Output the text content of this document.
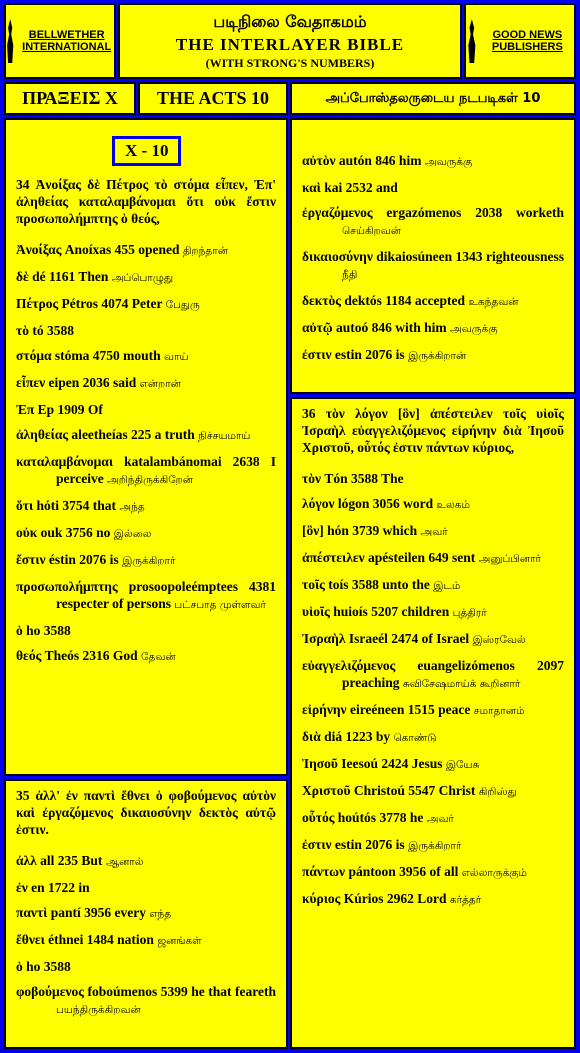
BELLWETHER INTERNATIONAL
படிநிலை வேதாகமம்
THE INTERLAYER BIBLE
(WITH STRONG'S NUMBERS)
GOOD NEWS PUBLISHERS
ΠΡΑΞΕΙΣ X THE ACTS 10	அப்போஸ்தலருடைய நடபடிகள் 10
X - 10
34 Ἀνοίξας δὲ Πέτρος τὸ στόμα εἶπεν, Ἐπ' ἀληθείας καταλαμβάνομαι ὅτι οὐκ ἔστιν προσωπολήμπτης ὁ θεός,
Ἀνοίξας Anoíxas 455 opened திறந்தான்
δὲ dé 1161 Then அப்பொழுது
Πέτρος Pétros 4074 Peter பேதுரு
τὸ tó 3588
στόμα stóma 4750 mouth வாய்
εἶπεν eipen 2036 said என்றான்
Ἐπ Ep 1909 Of
ἀληθείας aleetheías 225 a truth நிச்சயமாய்
καταλαμβάνομαι katalambánomai 2638 I perceive அறிந்திருக்கிறேன்
ὅτι hóti 3754 that அந்த
οὐκ ouk 3756 no இல்லை
ἔστιν éstin 2076 is இருக்கிறார்
προσωπολήμπτης prosoopoleémptees 4381 respecter of persons பட்சபாத முள்ளவர்
ὁ ho 3588
θεός Theós 2316 God தேவன்
35 ἀλλ' ἐν παντὶ ἔθνει ὁ φοβούμενος αὐτὸν καὶ ἐργαζόμενος δικαιοσύνην δεκτὸς αὐτῷ ἐστιν.
ἀλλ all 235 But ஆனால்
ἐν en 1722 in
παντὶ pantí 3956 every எந்த
ἔθνει éthnei 1484 nation ஜனங்கள்
ὁ ho 3588
φοβούμενος foboúmenos 5399 he that feareth பயந்திருக்கிறவன்
αὐτὸν autón 846 him அவருக்கு
καὶ kai 2532 and
ἐργαζόμενος ergazómenos 2038 worketh செய்கிறவன்
δικαιοσύνην dikaiosúneen 1343 righteousness நீதி
δεκτὸς dektós 1184 accepted உகந்தவன்
αὐτῷ autoó 846 with him அவருக்கு
ἐστιν estin 2076 is இருக்கிறான்
36 τὸν λόγον [ὃν] ἀπέστειλεν τοῖς υἱοῖς Ἰσραὴλ εὐαγγελιζόμενος εἰρήνην διὰ Ἰησοῦ Χριστοῦ, οὗτός ἐστιν πάντων κύριος,
τὸν Tón 3588 The
λόγον lógon 3056 word உலகம்
[ὃν] hón 3739 which அவர்
ἀπέστειλεν apésteilen 649 sent அனுப்பினார்
τοῖς toís 3588 unto the இடம்
υἱοῖς huioís 5207 children புத்திரர்
Ἰσραὴλ Israeél 2474 of Israel இஸ்ரவேல்
εὐαγγελιζόμενος euangelizómenos 2097 preaching சுவிசேஷமாய்க் கூறினார்
εἰρήνην eireéneen 1515 peace சமாதானம்
διὰ diá 1223 by கொண்டு
Ἰησοῦ Ieesoú 2424 Jesus இயேசு
Χριστοῦ Christoú 5547 Christ கிறிஸ்து
οὗτός hoútós 3778 he அவர்
ἐστιν estin 2076 is இருக்கிறார்
πάντων pántoon 3956 of all எல்லாருக்கும்
κύριος Kúrios 2962 Lord கர்த்தர்
